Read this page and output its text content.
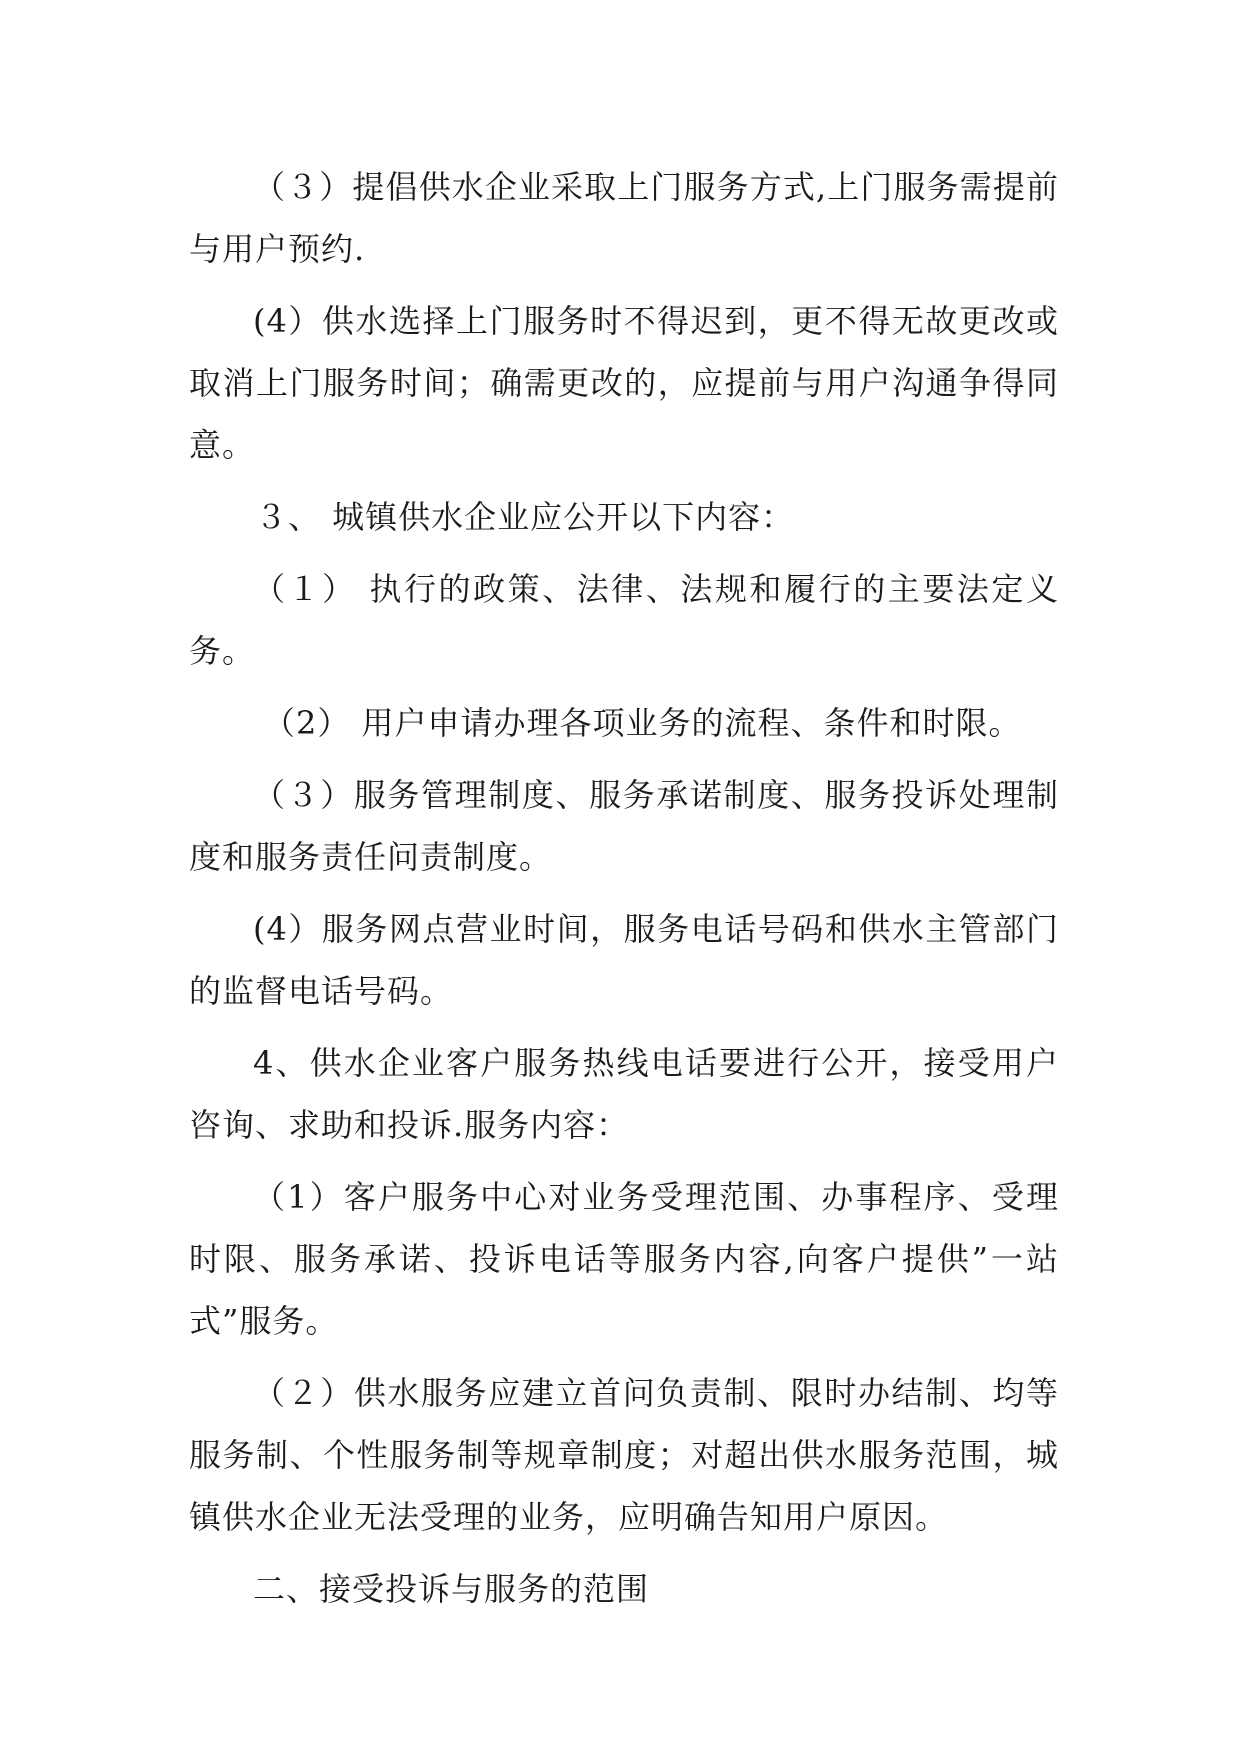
（３）提倡供水企业采取上门服务方式,上门服务需提前与用户预约.

(4）供水选择上门服务时不得迟到，更不得无故更改或取消上门服务时间；确需更改的，应提前与用户沟通争得同意。

３、 城镇供水企业应公开以下内容：

（１） 执行的政策、法律、法规和履行的主要法定义务。

（2） 用户申请办理各项业务的流程、条件和时限。

（３）服务管理制度、服务承诺制度、服务投诉处理制度和服务责任问责制度。

(4）服务网点营业时间，服务电话号码和供水主管部门的监督电话号码。

4、供水企业客户服务热线电话要进行公开，接受用户咨询、求助和投诉.服务内容：

（1）客户服务中心对业务受理范围、办事程序、受理时限、服务承诺、投诉电话等服务内容,向客户提供”一站式”服务。

（２）供水服务应建立首问负责制、限时办结制、均等服务制、个性服务制等规章制度；对超出供水服务范围，城镇供水企业无法受理的业务，应明确告知用户原因。

二、接受投诉与服务的范围
